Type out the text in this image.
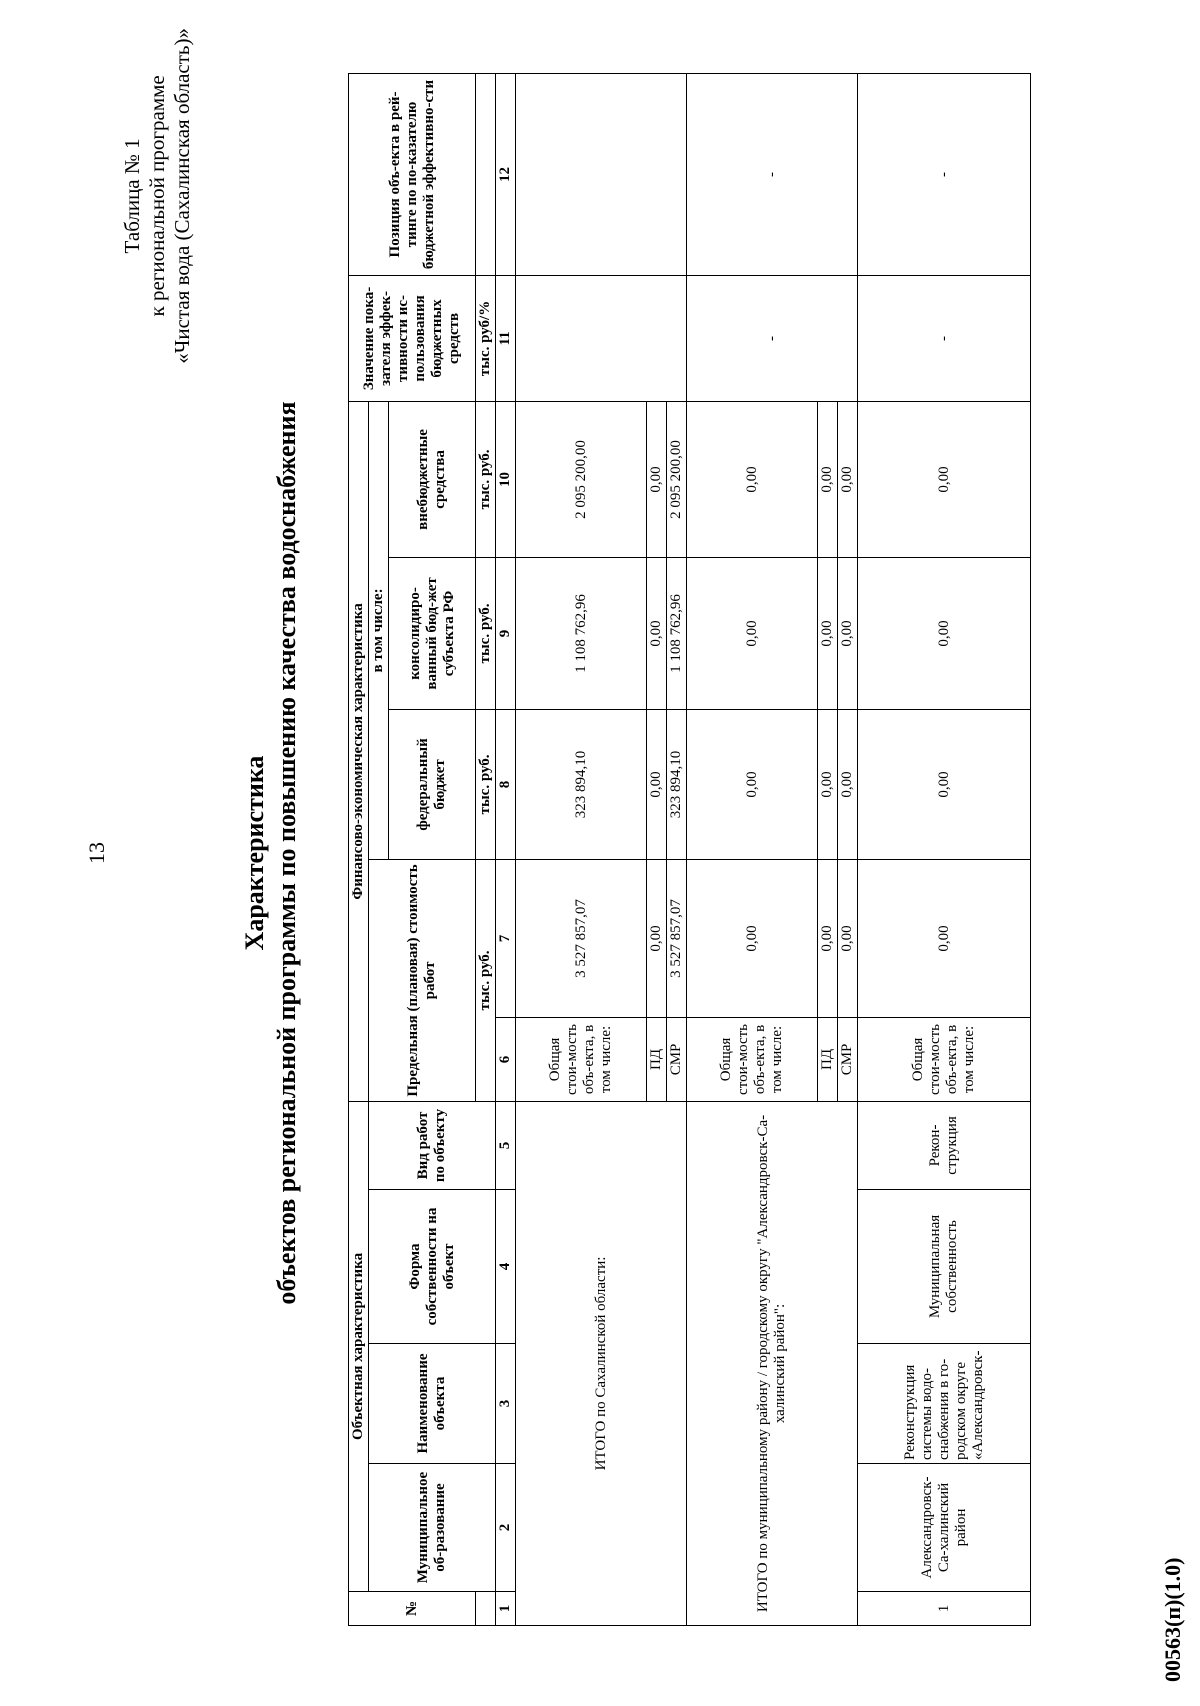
13
Таблица № 1 к региональной программе «Чистая вода (Сахалинская область)»
Характеристика объектов региональной программы по повышению качества водоснабжения
№	Объектная характеристика				Финансово-экономическая характеристика					Значение пока-зателя эффек-тивности ис-пользования бюджетных средств	Позиция объ-екта в рей-тинге по по-казателю бюджетной эффективно-сти
	Муниципальное об-разование	Наименование объекта	Форма собственности на объект	Вид работ по объекту	Предельная (плановая) стоимость работ		в том числе:				
							федеральный бюджет	консолидиро-ванный бюд-жет субъекта РФ	внебюджетные средства		
					тыс. руб.		тыс. руб.	тыс. руб.	тыс. руб.	тыс. руб/%	
1	2	3	4	5	6	7	8	9	10	11	12
ИТОГО по Сахалинской области:					Общая стои-мость объ-екта, в том числе:	3 527 857,07	323 894,10	1 108 762,96	2 095 200,00		
					ПД	0,00	0,00	0,00	0,00		
					СМР	3 527 857,07	323 894,10	1 108 762,96	2 095 200,00		
ИТОГО по муниципальному району / городскому округу "Александровск-Са-халинский район":					Общая стои-мость объ-екта, в том числе:	0,00	0,00	0,00	0,00	-	-
					ПД	0,00	0,00	0,00	0,00		
					СМР	0,00	0,00	0,00	0,00		
1	Александровск-Са-халинский район	Реконструкция системы водо-снабжения в го-родском округе «Александровск-	Муниципальная собственность	Рекон-струкция	Общая стои-мость объ-екта, в том числе:	0,00	0,00	0,00	0,00	-	-
00563(п)(1.0)
